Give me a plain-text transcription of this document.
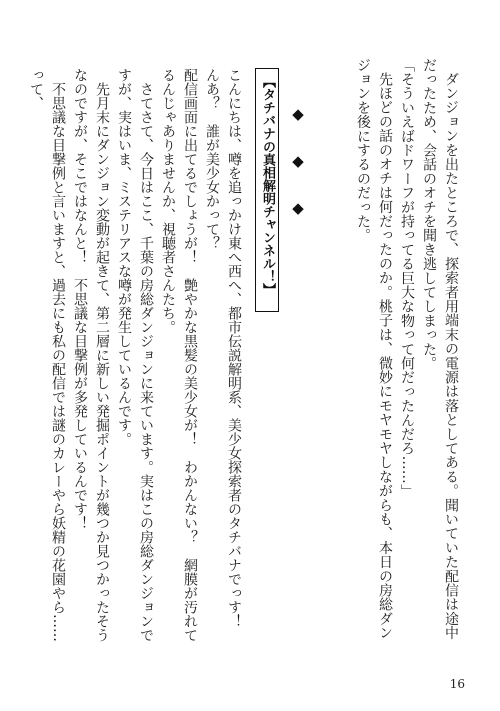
ダンジョンを出たところで、探索者用端末の電源は落としてある。聞いていた配信は途中だったため、会話のオチを聞き逃してしまった。

「そういえばドワーフが持ってる巨大な物って何だったんだろ……」

先ほどの話のオチは何だったのか。桃子は、微妙にモヤモヤしながらも、本日の房総ダンジョンを後にするのだった。

◆ ◆ ◆
【タチバナの真相解明チャンネル！】

こんにちは、噂を追っかけ東へ西へ、都市伝説解明系、美少女探索者のタチバナでっす！

んあ？　誰が美少女かって？

配信画面に出てるでしょうが！　艶やかな黒髪の美少女が！　わかんない？　網膜が汚れてるんじゃありませんか、視聴者さんたち。

さてさて、今日はここ、千葉の房総ダンジョンに来ています。実はこの房総ダンジョンですが、実はいま、ミステリアスな噂が発生しているんです。

先月末にダンジョン変動が起きて、第二層に新しい発掘ポイントが幾つか見つかったそうなのですが、そこではなんと！　不思議な目撃例が多発しているんです！

不思議な目撃例と言いますと、過去にも私の配信では謎のカレーやら妖精の花園やら……って、

16
